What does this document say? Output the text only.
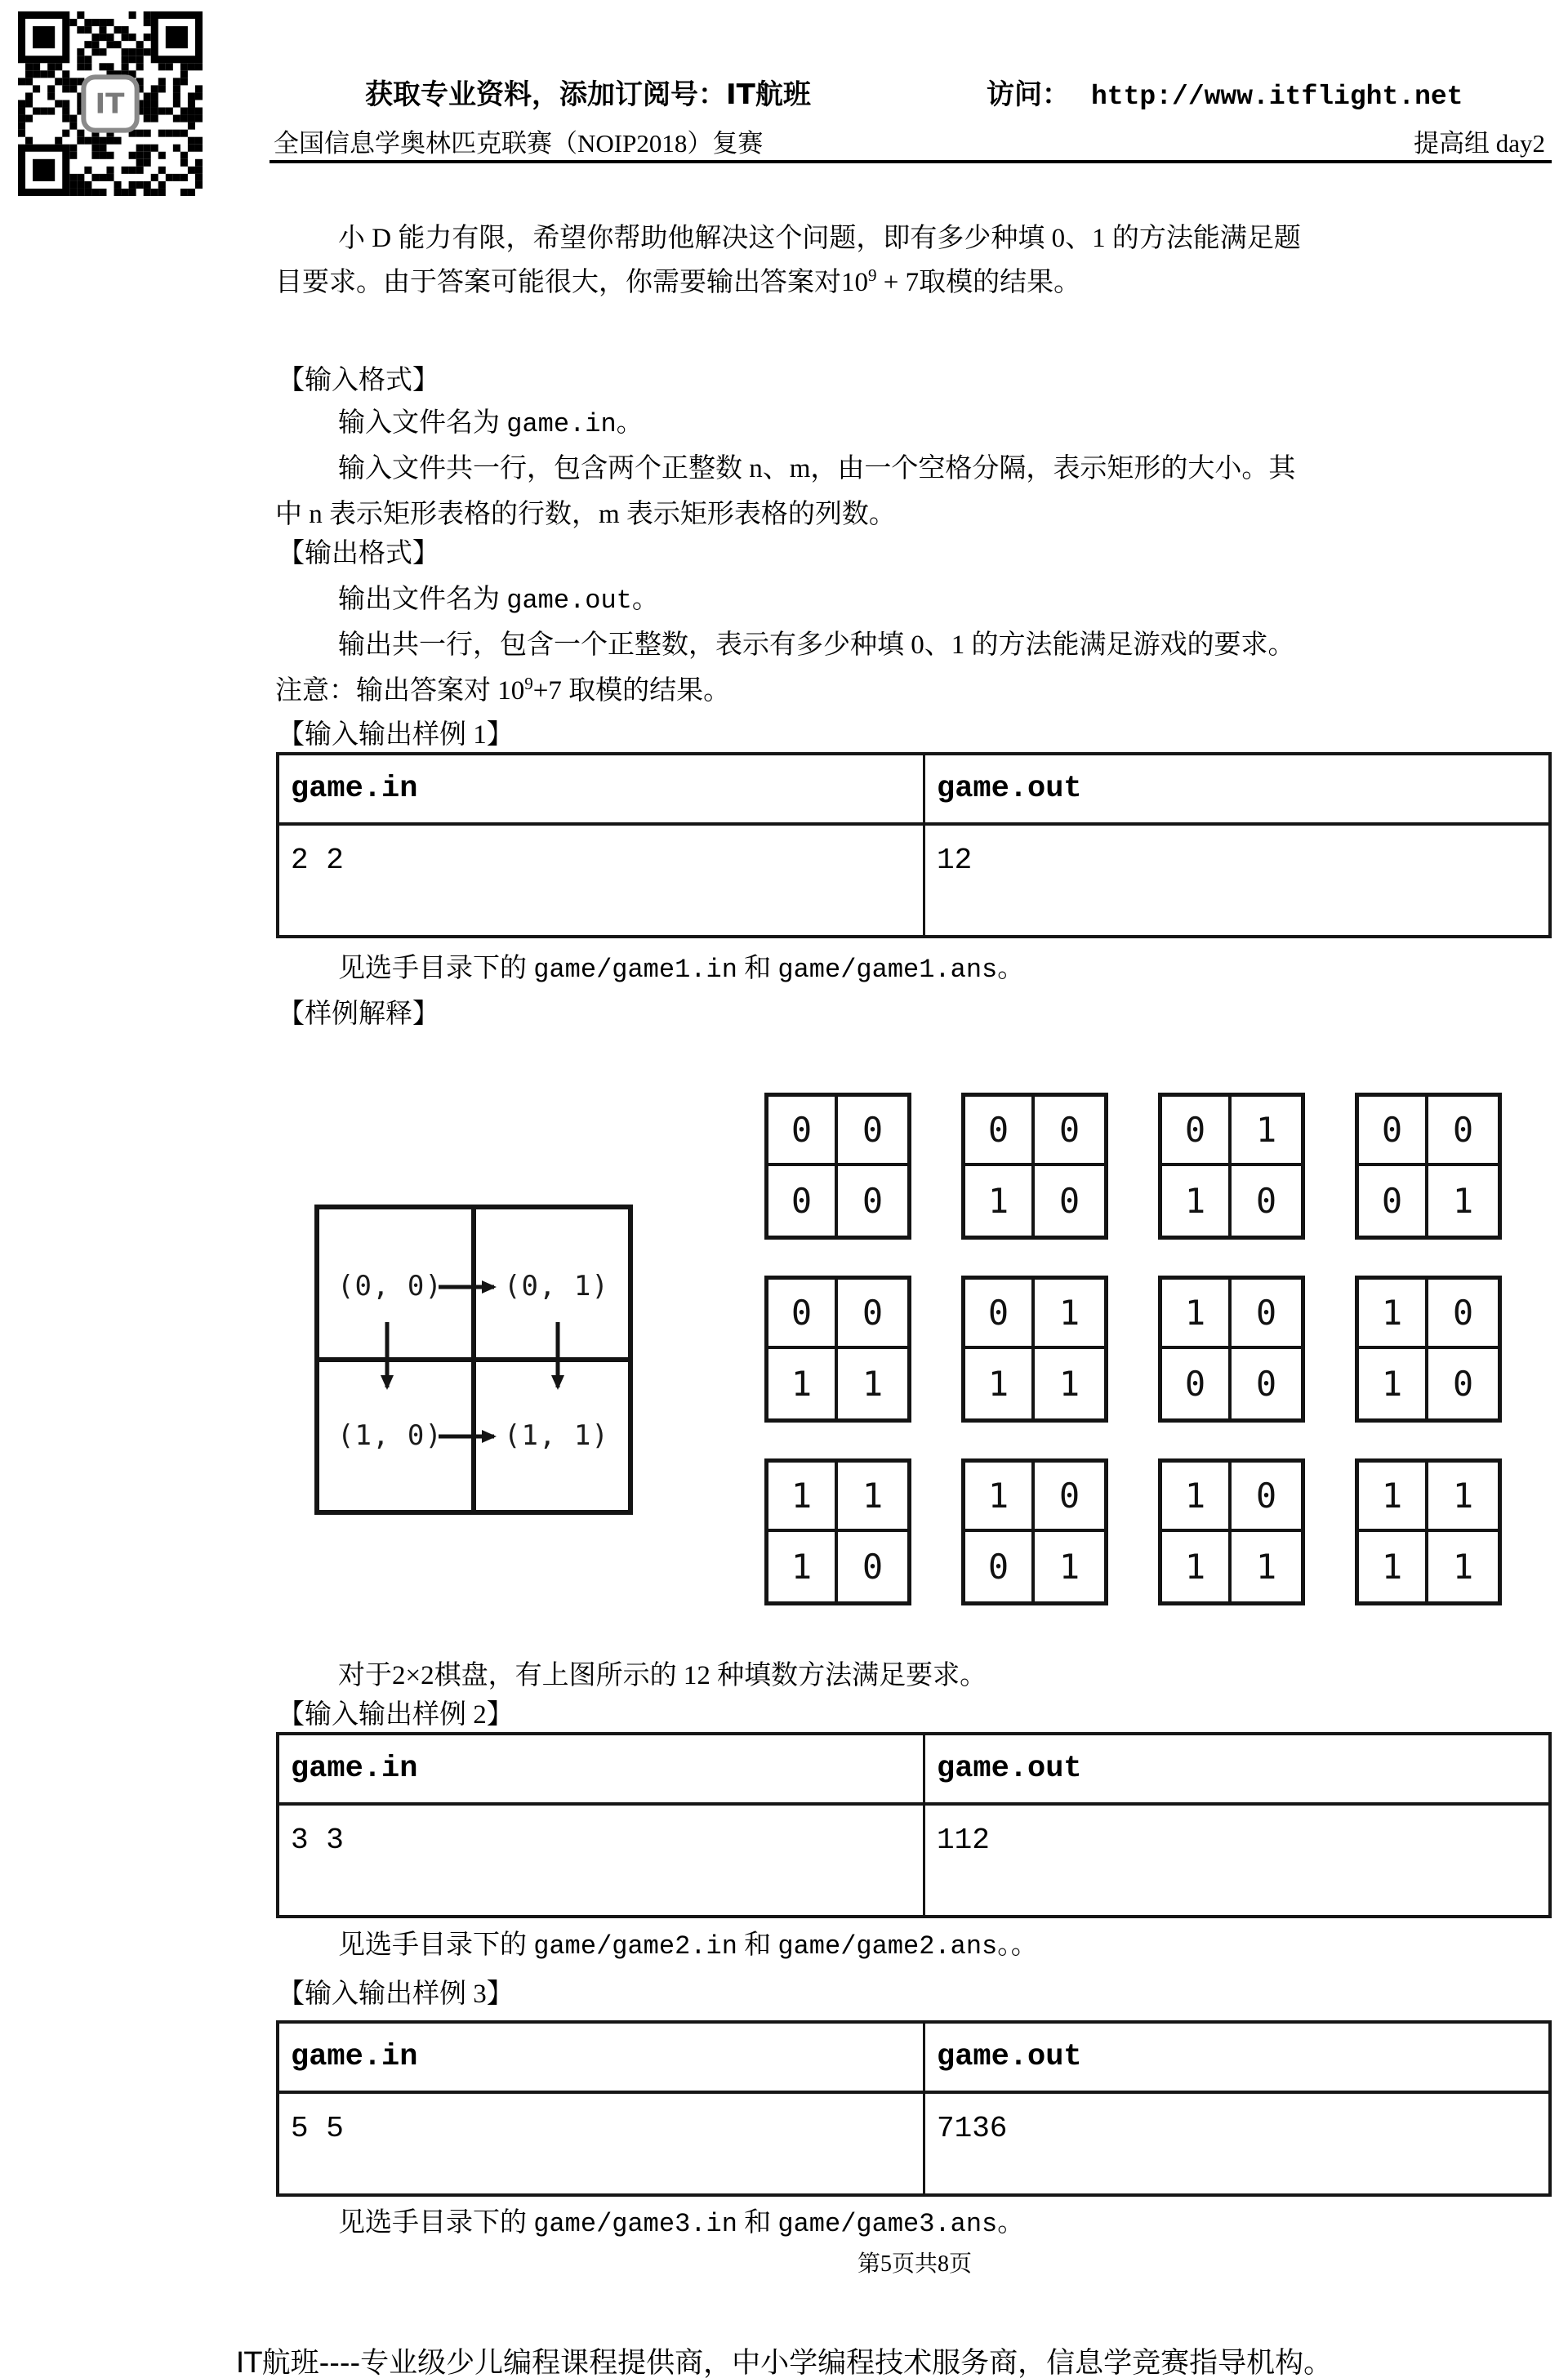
IT	获取专业资料，添加订阅号：IT航班	访问： http://www.itflight.net
全国信息学奥林匹克联赛（NOIP2018）复赛	提高组 day2
小 D 能力有限，希望你帮助他解决这个问题，即有多少种填 0、1 的方法能满足题
目要求。由于答案可能很大，你需要输出答案对$10^9 + 7$取模的结果。
【输入格式】
输入文件名为 game.in。
输入文件共一行，包含两个正整数 n、m，由一个空格分隔，表示矩形的大小。其
中 n 表示矩形表格的行数，m 表示矩形表格的列数。
【输出格式】
输出文件名为 game.out。
输出共一行，包含一个正整数，表示有多少种填 0、1 的方法能满足游戏的要求。
注意：输出答案对 $10^9+7$ 取模的结果。
【输入输出样例 1】
game.in	game.out
2 2	12
见选手目录下的 game/game1.in 和 game/game1.ans。
【样例解释】
(0, 0) (0, 1)
(1, 0) (1, 1)
0	0
0	0
0	0
1	0
0	1
1	0
0	0
0	1
0	0
1	1
0	1
1	1
1	0
0	0
1	0
1	0
1	1
1	0
1	0
0	1
1	0
1	1
1	1
1	1
对于2×2棋盘，有上图所示的 12 种填数方法满足要求。
【输入输出样例 2】
game.in	game.out
3 3	112
见选手目录下的 game/game2.in 和 game/game2.ans。。
【输入输出样例 3】
game.in	game.out
5 5	7136
见选手目录下的 game/game3.in 和 game/game3.ans。
第5页共8页
IT航班----专业级少儿编程课程提供商，中小学编程技术服务商，信息学竞赛指导机构。
